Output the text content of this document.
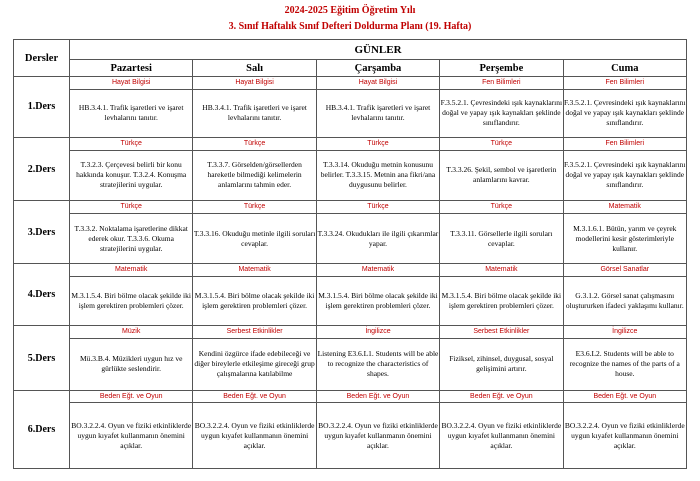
2024-2025 Eğitim Öğretim Yılı
3. Sınıf Haftalık Sınıf Defteri Doldurma Planı (19. Hafta)
Dersler	GÜNLER				
	Pazartesi	Salı	Çarşamba	Perşembe	Cuma
1.Ders	Hayat Bilgisi	Hayat Bilgisi	Hayat Bilgisi	Fen Bilimleri	Fen Bilimleri

	HB.3.4.1. Trafik işaretleri ve işaret levhalarını tanıtır.	HB.3.4.1. Trafik işaretleri ve işaret levhalarını tanıtır.	HB.3.4.1. Trafik işaretleri ve işaret levhalarını tanıtır.	F.3.5.2.1. Çevresindeki ışık kaynaklarını doğal ve yapay ışık kaynakları şeklinde sınıflandırır.	F.3.5.2.1. Çevresindeki ışık kaynaklarını doğal ve yapay ışık kaynakları şeklinde sınıflandırır.

2.Ders	Türkçe	Türkçe	Türkçe	Türkçe	Fen Bilimleri

	T.3.2.3. Çerçevesi belirli bir konu hakkında konuşur. T.3.2.4. Konuşma stratejilerini uygular.	T.3.3.7. Görselden/görsellerden hareketle bilmediği kelimelerin anlamlarını tahmin eder.	T.3.3.14. Okuduğu metnin konusunu belirler. T.3.3.15. Metnin ana fikri/ana duygusunu belirler.	T.3.3.26. Şekil, sembol ve işaretlerin anlamlarını kavrar.	F.3.5.2.1. Çevresindeki ışık kaynaklarını doğal ve yapay ışık kaynakları şeklinde sınıflandırır.

3.Ders	Türkçe	Türkçe	Türkçe	Türkçe	Matematik

	T.3.3.2. Noktalama işaretlerine dikkat ederek okur. T.3.3.6. Okuma stratejilerini uygular.	T.3.3.16. Okuduğu metinle ilgili soruları cevaplar.	T.3.3.24. Okudukları ile ilgili çıkarımlar yapar.	T.3.3.11. Görsellerle ilgili soruları cevaplar.	M.3.1.6.1. Bütün, yarım ve çeyrek modellerini kesir gösterimleriyle kullanır.

4.Ders	Matematik	Matematik	Matematik	Matematik	Görsel Sanatlar

	M.3.1.5.4. Biri bölme olacak şekilde iki işlem gerektiren problemleri çözer.	M.3.1.5.4. Biri bölme olacak şekilde iki işlem gerektiren problemleri çözer.	M.3.1.5.4. Biri bölme olacak şekilde iki işlem gerektiren problemleri çözer.	M.3.1.5.4. Biri bölme olacak şekilde iki işlem gerektiren problemleri çözer.	G.3.1.2. Görsel sanat çalışmasını oluştururken ifadeci yaklaşımı kullanır.

5.Ders	Müzik	Serbest Etkinlikler	İngilizce	Serbest Etkinlikler	İngilizce

	Mü.3.B.4. Müzikleri uygun hız ve gürlükte seslendirir.	Kendini özgürce ifade edebileceği ve diğer bireylerle etkileşime gireceği grup çalışmalarına katılabilme	Listening E3.6.L1. Students will be able to recognize the characteristics of shapes.	Fiziksel, zihinsel, duygusal, sosyal gelişimini artırır.	E3.6.L2. Students will be able to recognize the names of the parts of a house.

6.Ders	Beden Eğt. ve Oyun	Beden Eğt. ve Oyun	Beden Eğt. ve Oyun	Beden Eğt. ve Oyun	Beden Eğt. ve Oyun

	BO.3.2.2.4. Oyun ve fiziki etkinliklerde uygun kıyafet kullanmanın önemini açıklar.	BO.3.2.2.4. Oyun ve fiziki etkinliklerde uygun kıyafet kullanmanın önemini açıklar.	BO.3.2.2.4. Oyun ve fiziki etkinliklerde uygun kıyafet kullanmanın önemini açıklar.	BO.3.2.2.4. Oyun ve fiziki etkinliklerde uygun kıyafet kullanmanın önemini açıklar.	BO.3.2.2.4. Oyun ve fiziki etkinliklerde uygun kıyafet kullanmanın önemini açıklar.
